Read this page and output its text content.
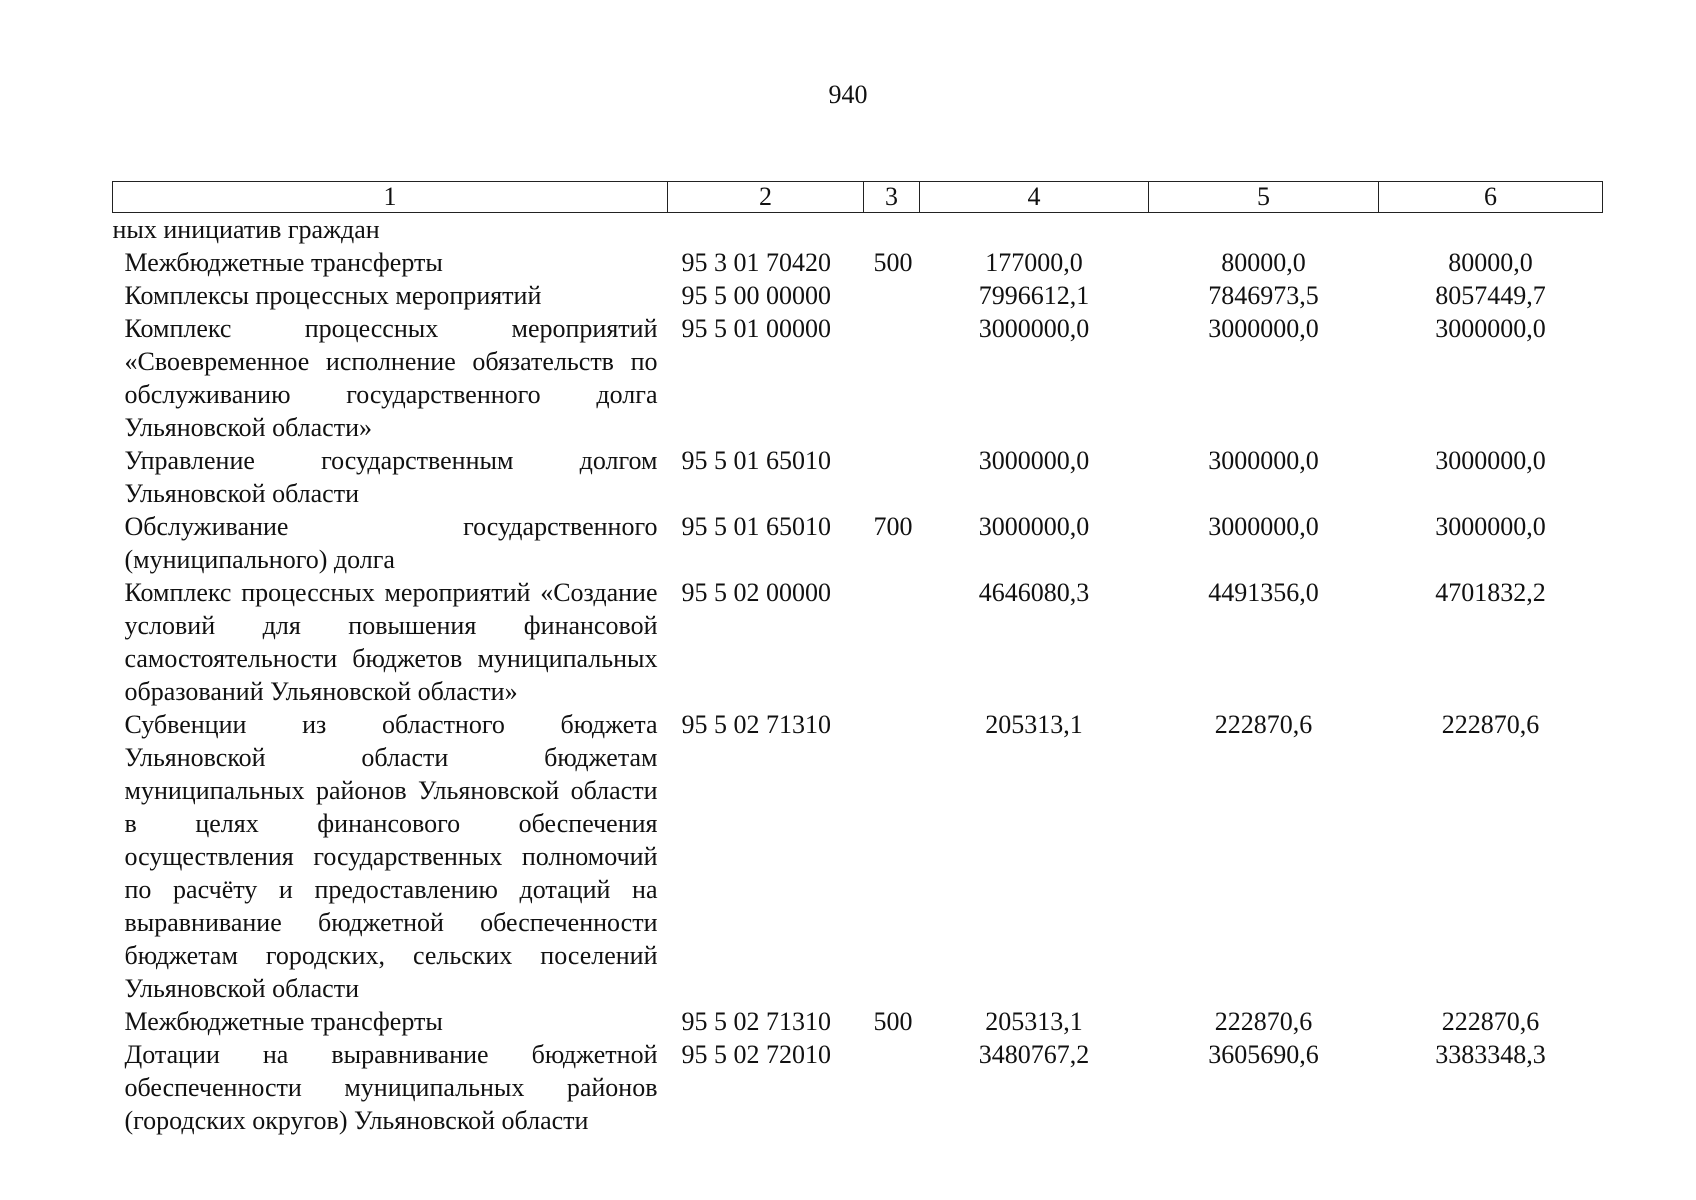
940
1	2	3	4	5	6
ных инициатив граждан					
Межбюджетные трансферты	95 3 01 70420	500	177000,0	80000,0	80000,0
Комплексы процессных мероприятий	95 5 00 00000		7996612,1	7846973,5	8057449,7
Комплекс процессных мероприятий «Своевременное исполнение обязательств по обслуживанию государственного долга Ульяновской области»	95 5 01 00000		3000000,0	3000000,0	3000000,0
Управление государственным долгом Ульяновской области	95 5 01 65010		3000000,0	3000000,0	3000000,0
Обслуживание государственного (муниципального) долга	95 5 01 65010	700	3000000,0	3000000,0	3000000,0
Комплекс процессных мероприятий «Создание условий для повышения финансовой самостоятельности бюджетов муниципальных образований Ульяновской области»	95 5 02 00000		4646080,3	4491356,0	4701832,2
Субвенции из областного бюджета Ульяновской области бюджетам муниципальных районов Ульяновской области в целях финансового обеспечения осуществления государственных полномочий по расчёту и предоставлению дотаций на выравнивание бюджетной обеспеченности бюджетам городских, сельских поселений Ульяновской области	95 5 02 71310		205313,1	222870,6	222870,6
Межбюджетные трансферты	95 5 02 71310	500	205313,1	222870,6	222870,6
Дотации на выравнивание бюджетной обеспеченности муниципальных районов (городских округов) Ульяновской области	95 5 02 72010		3480767,2	3605690,6	3383348,3
